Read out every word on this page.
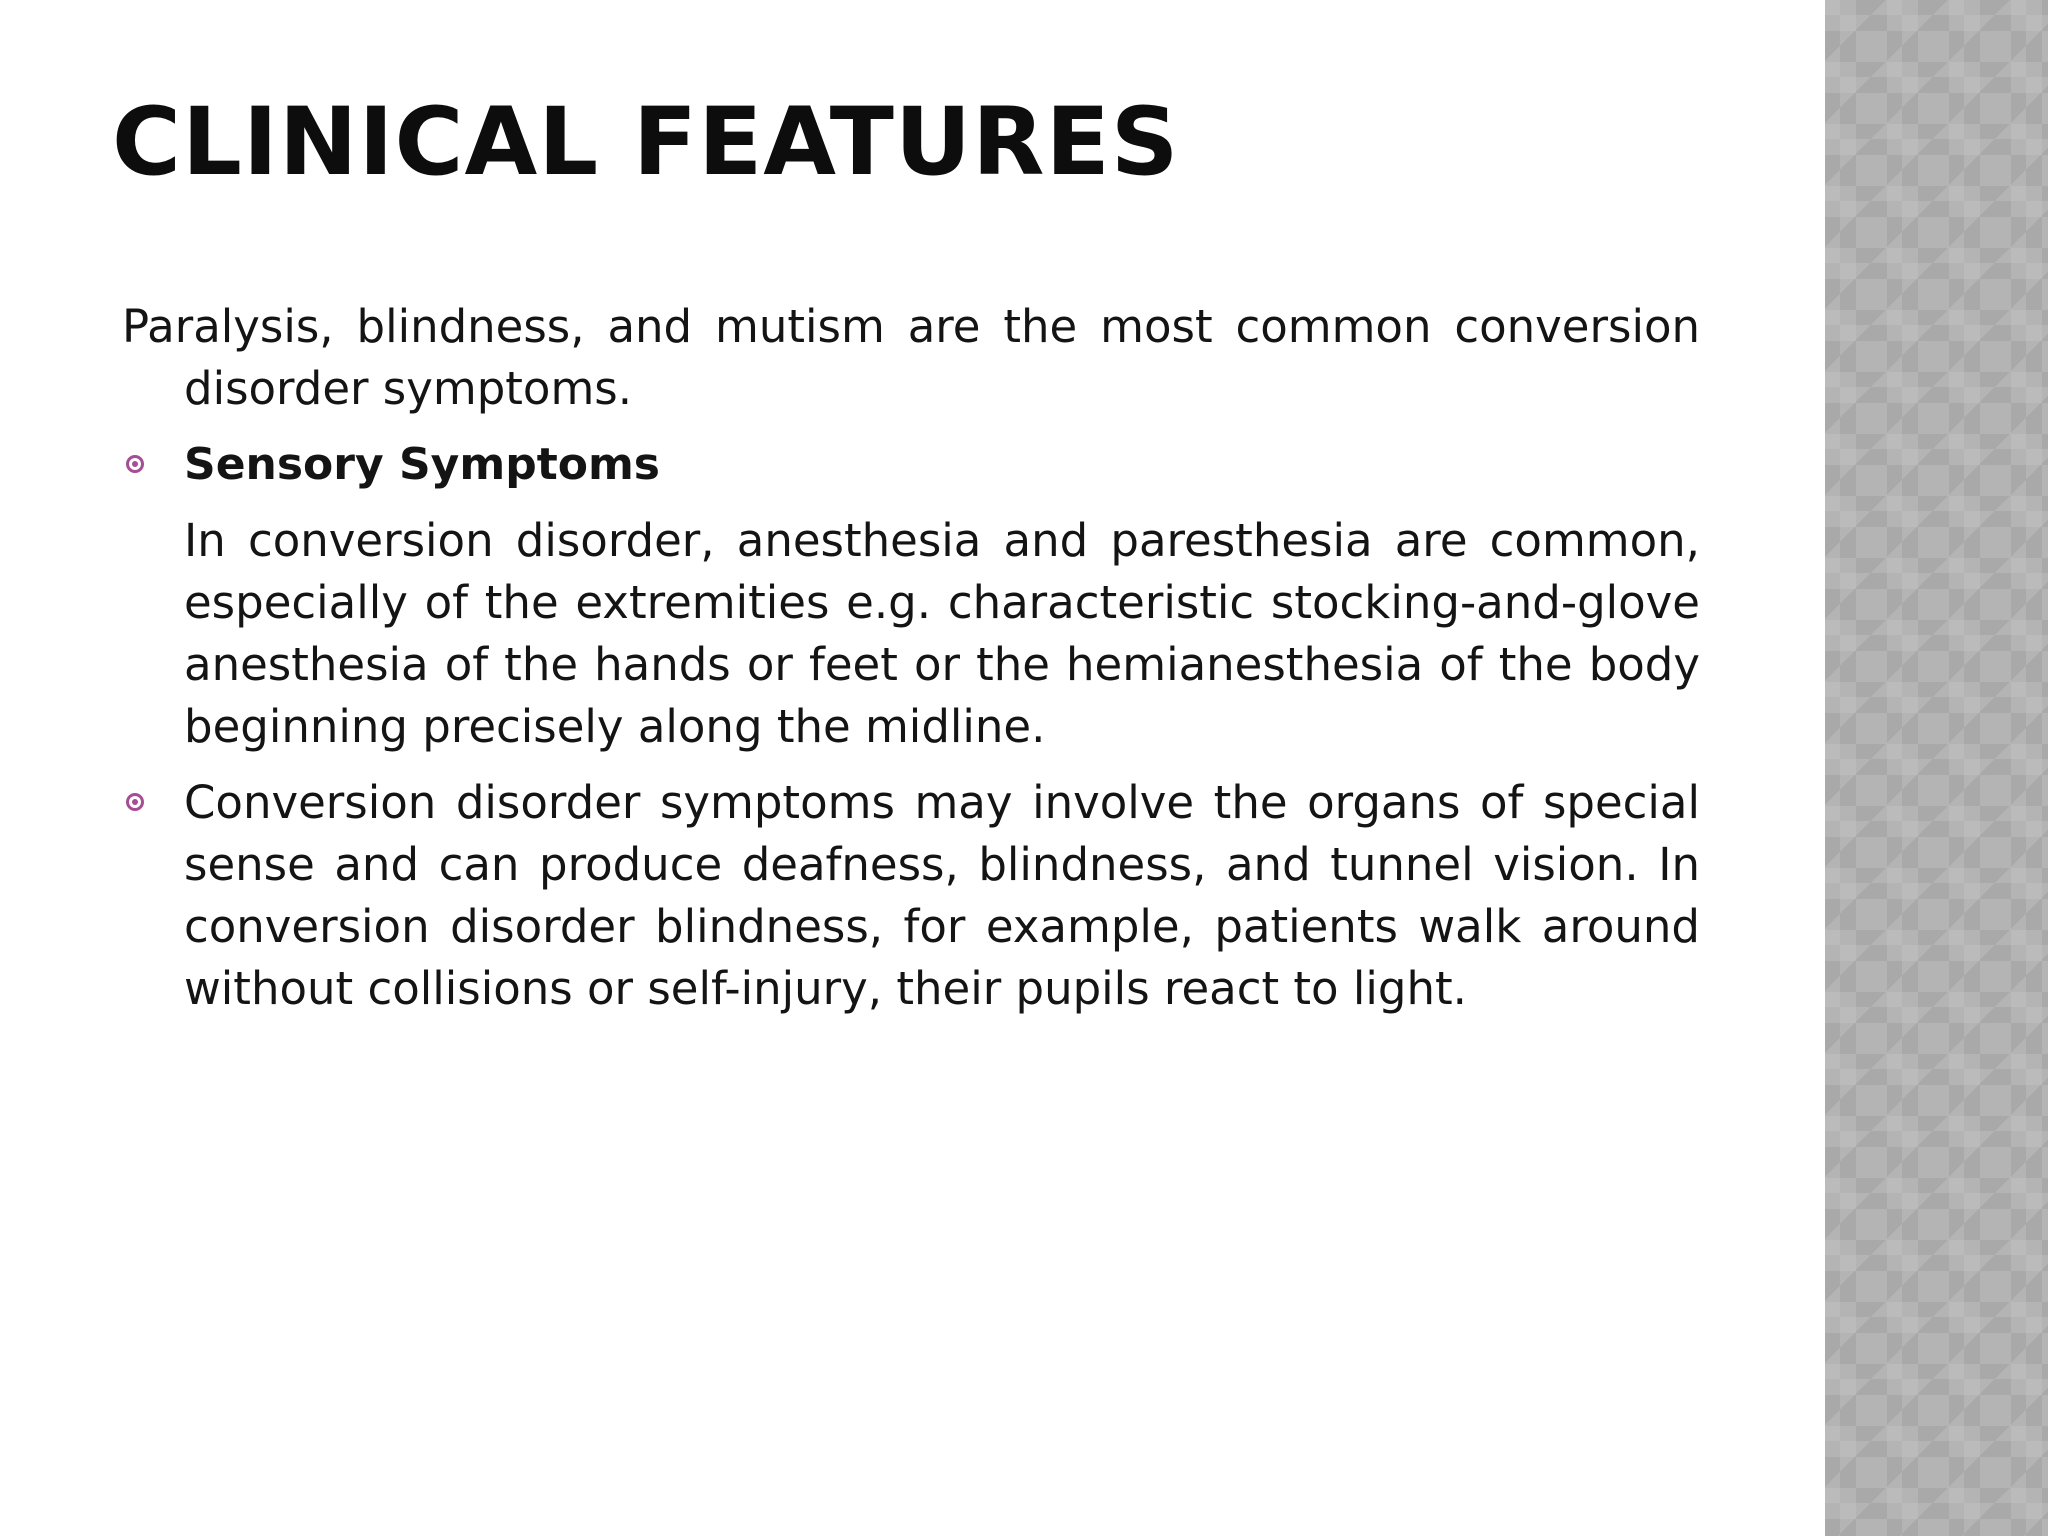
CLINICAL FEATURES

Paralysis, blindness, and mutism are the most common conversion disorder symptoms.

Sensory Symptoms

In conversion disorder, anesthesia and paresthesia are common, especially of the extremities e.g. characteristic stocking-and-glove anesthesia of the hands or feet or the hemianesthesia of the body beginning precisely along the midline.

Conversion disorder symptoms may involve the organs of special sense and can produce deafness, blindness, and tunnel vision. In conversion disorder blindness, for example, patients walk around without collisions or self-injury, their pupils react to light.
